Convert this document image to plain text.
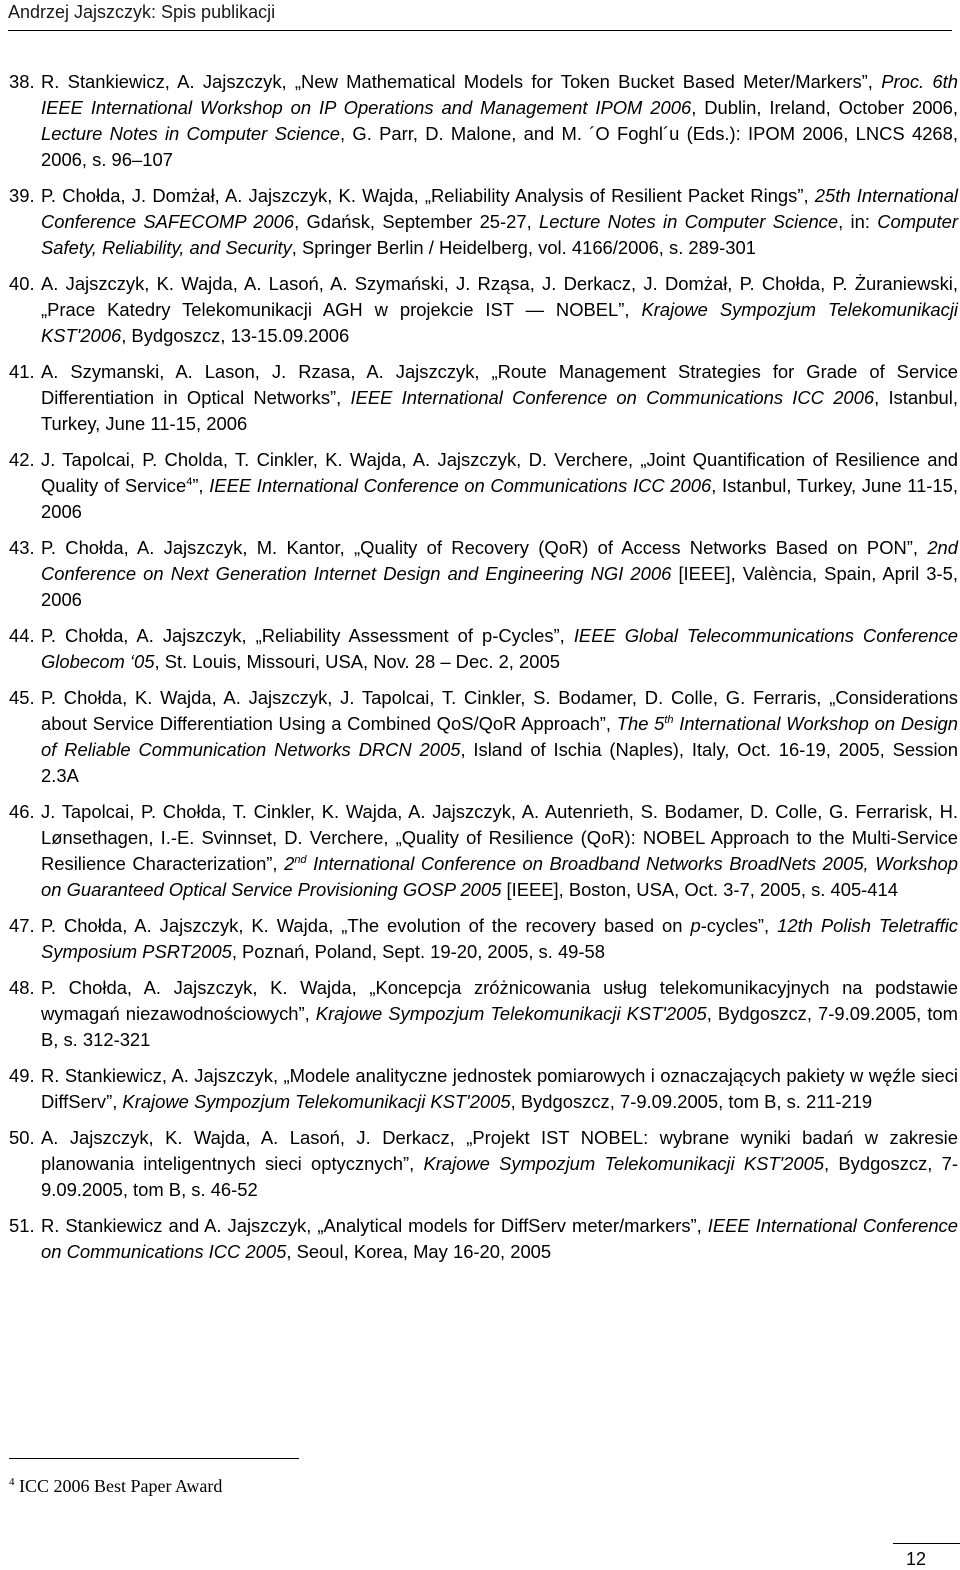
Andrzej Jajszczyk: Spis publikacji
38. R. Stankiewicz, A. Jajszczyk, „New Mathematical Models for Token Bucket Based Meter/Markers”, Proc. 6th IEEE International Workshop on IP Operations and Management IPOM 2006, Dublin, Ireland, October 2006, Lecture Notes in Computer Science, G. Parr, D. Malone, and M. ´O Foghl´u (Eds.): IPOM 2006, LNCS 4268, 2006, s. 96–107
39. P. Chołda, J. Domżał, A. Jajszczyk, K. Wajda, „Reliability Analysis of Resilient Packet Rings”, 25th International Conference SAFECOMP 2006, Gdańsk, September 25-27, Lecture Notes in Computer Science, in: Computer Safety, Reliability, and Security, Springer Berlin / Heidelberg, vol. 4166/2006, s. 289-301
40. A. Jajszczyk, K. Wajda, A. Lasoń, A. Szymański, J. Rząsa, J. Derkacz, J. Domżał, P. Chołda, P. Żuraniewski, „Prace Katedry Telekomunikacji AGH w projekcie IST — NOBEL”, Krajowe Sympozjum Telekomunikacji KST'2006, Bydgoszcz, 13-15.09.2006
41. A. Szymanski, A. Lason, J. Rzasa, A. Jajszczyk, „Route Management Strategies for Grade of Service Differentiation in Optical Networks”, IEEE International Conference on Communications ICC 2006, Istanbul, Turkey, June 11-15, 2006
42. J. Tapolcai, P. Cholda, T. Cinkler, K. Wajda, A. Jajszczyk, D. Verchere, „Joint Quantification of Resilience and Quality of Service$^4$”, IEEE International Conference on Communications ICC 2006, Istanbul, Turkey, June 11-15, 2006
43. P. Chołda, A. Jajszczyk, M. Kantor, „Quality of Recovery (QoR) of Access Networks Based on PON”, 2nd Conference on Next Generation Internet Design and Engineering NGI 2006 [IEEE], València, Spain, April 3-5, 2006
44. P. Chołda, A. Jajszczyk, „Reliability Assessment of p-Cycles”, IEEE Global Telecommunications Conference Globecom ‘05, St. Louis, Missouri, USA, Nov. 28 – Dec. 2, 2005
45. P. Chołda, K. Wajda, A. Jajszczyk, J. Tapolcai, T. Cinkler, S. Bodamer, D. Colle, G. Ferraris, „Considerations about Service Differentiation Using a Combined QoS/QoR Approach”, The 5th International Workshop on Design of Reliable Communication Networks DRCN 2005, Island of Ischia (Naples), Italy, Oct. 16-19, 2005, Session 2.3A
46. J. Tapolcai, P. Chołda, T. Cinkler, K. Wajda, A. Jajszczyk, A. Autenrieth, S. Bodamer, D. Colle, G. Ferrarisk, H. Lønsethagen, I.-E. Svinnset, D. Verchere, „Quality of Resilience (QoR): NOBEL Approach to the Multi-Service Resilience Characterization”, 2nd International Conference on Broadband Networks BroadNets 2005, Workshop on Guaranteed Optical Service Provisioning GOSP 2005 [IEEE], Boston, USA, Oct. 3-7, 2005, s. 405-414
47. P. Chołda, A. Jajszczyk, K. Wajda, „The evolution of the recovery based on p-cycles”, 12th Polish Teletraffic Symposium PSRT2005, Poznań, Poland, Sept. 19-20, 2005, s. 49-58
48. P. Chołda, A. Jajszczyk, K. Wajda, „Koncepcja zróżnicowania usług telekomunikacyjnych na podstawie wymagań niezawodnościowych”, Krajowe Sympozjum Telekomunikacji KST'2005, Bydgoszcz, 7-9.09.2005, tom B, s. 312-321
49. R. Stankiewicz, A. Jajszczyk, „Modele analityczne jednostek pomiarowych i oznaczających pakiety w węźle sieci DiffServ”, Krajowe Sympozjum Telekomunikacji KST'2005, Bydgoszcz, 7-9.09.2005, tom B, s. 211-219
50. A. Jajszczyk, K. Wajda, A. Lasoń, J. Derkacz, „Projekt IST NOBEL: wybrane wyniki badań w zakresie planowania inteligentnych sieci optycznych”, Krajowe Sympozjum Telekomunikacji KST'2005, Bydgoszcz, 7-9.09.2005, tom B, s. 46-52
51. R. Stankiewicz and A. Jajszczyk, „Analytical models for DiffServ meter/markers”, IEEE International Conference on Communications ICC 2005, Seoul, Korea, May 16-20, 2005
$^4$ ICC 2006 Best Paper Award
12
